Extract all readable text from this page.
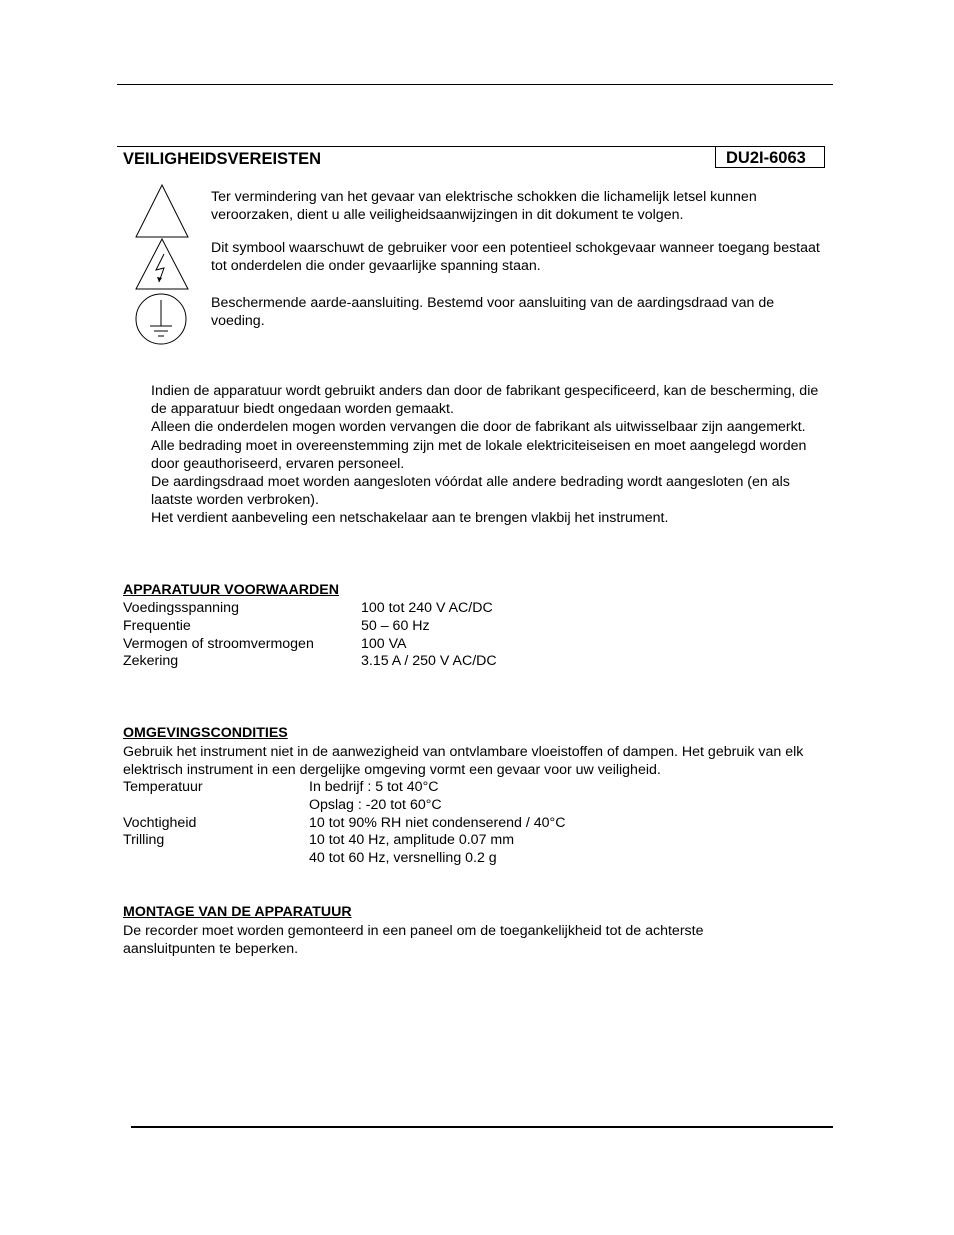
VEILIGHEIDSVEREISTEN	DU2I-6063

Ter vermindering van het gevaar van elektrische schokken die lichamelijk letsel kunnen veroorzaken, dient u alle veiligheidsaanwijzingen in dit dokument te volgen.

Dit symbool waarschuwt de gebruiker voor een potentieel schokgevaar wanneer toegang bestaat tot onderdelen die onder gevaarlijke spanning staan.

Beschermende aarde-aansluiting. Bestemd voor aansluiting van de aardingsdraad van de voeding.

Indien de apparatuur wordt gebruikt anders dan door de fabrikant gespecificeerd, kan de bescherming, die de apparatuur biedt ongedaan worden gemaakt.

Alleen die onderdelen mogen worden vervangen die door de fabrikant als uitwisselbaar zijn aangemerkt.

Alle bedrading moet in overeenstemming zijn met de lokale elektriciteiseisen en moet aangelegd worden door geauthoriseerd, ervaren personeel.

De aardingsdraad moet worden aangesloten vóórdat alle andere bedrading wordt aangesloten (en als laatste worden verbroken).

Het verdient aanbeveling een netschakelaar aan te brengen vlakbij het instrument.

APPARATUUR VOORWAARDEN
Voedingsspanning	100 tot 240 V AC/DC
Frequentie	50 – 60 Hz
Vermogen of stroomvermogen	100 VA
Zekering	3.15 A / 250 V AC/DC
OMGEVINGSCONDITIES

Gebruik het instrument niet in de aanwezigheid van ontvlambare vloeistoffen of dampen. Het gebruik van elk elektrisch instrument in een dergelijke omgeving vormt een gevaar voor uw veiligheid.

Temperatuur	In bedrijf : 5 tot 40°C
Opslag : -20 tot 60°C
Vochtigheid	10 tot 90% RH niet condenserend / 40°C
Trilling	10 tot 40 Hz, amplitude 0.07 mm
40 tot 60 Hz, versnelling 0.2 g
MONTAGE VAN DE APPARATUUR

De recorder moet worden gemonteerd in een paneel om de toegankelijkheid tot de achterste aansluitpunten te beperken.
